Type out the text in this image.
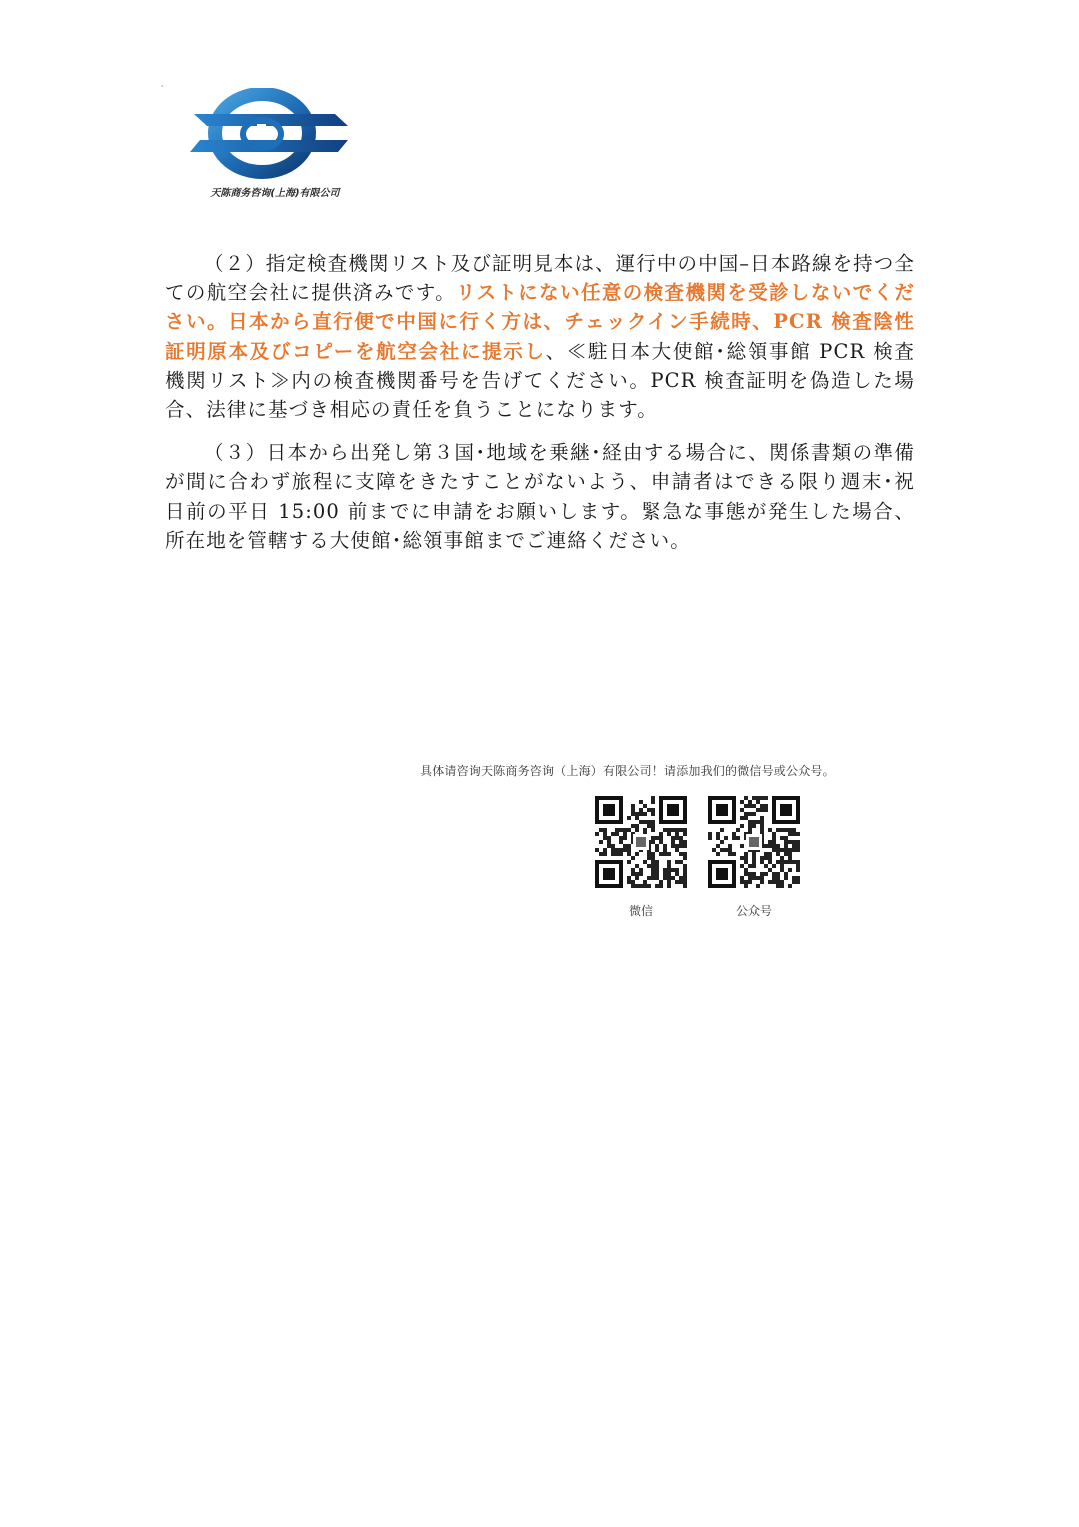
'
天陈商务咨询(上海)有限公司

（２）指定検査機関リスト及び証明見本は、運行中の中国–日本路線を持つ全ての航空会社に提供済みです。リストにない任意の検査機関を受診しないでください。日本から直行便で中国に行く方は、チェックイン手続時、PCR 検査陰性証明原本及びコピーを航空会社に提示し、≪駐日本大使館･総領事館 PCR 検査機関リスト≫内の検査機関番号を告げてください。PCR 検査証明を偽造した場合、法律に基づき相応の責任を負うことになります。

（３）日本から出発し第３国･地域を乗継･経由する場合に、関係書類の準備が間に合わず旅程に支障をきたすことがないよう、申請者はできる限り週末･祝日前の平日 15:00 前までに申請をお願いします。緊急な事態が発生した場合、所在地を管轄する大使館･総領事館までご連絡ください。

具体请咨询天陈商务咨询（上海）有限公司！请添加我们的微信号或公众号。
微信	公众号
